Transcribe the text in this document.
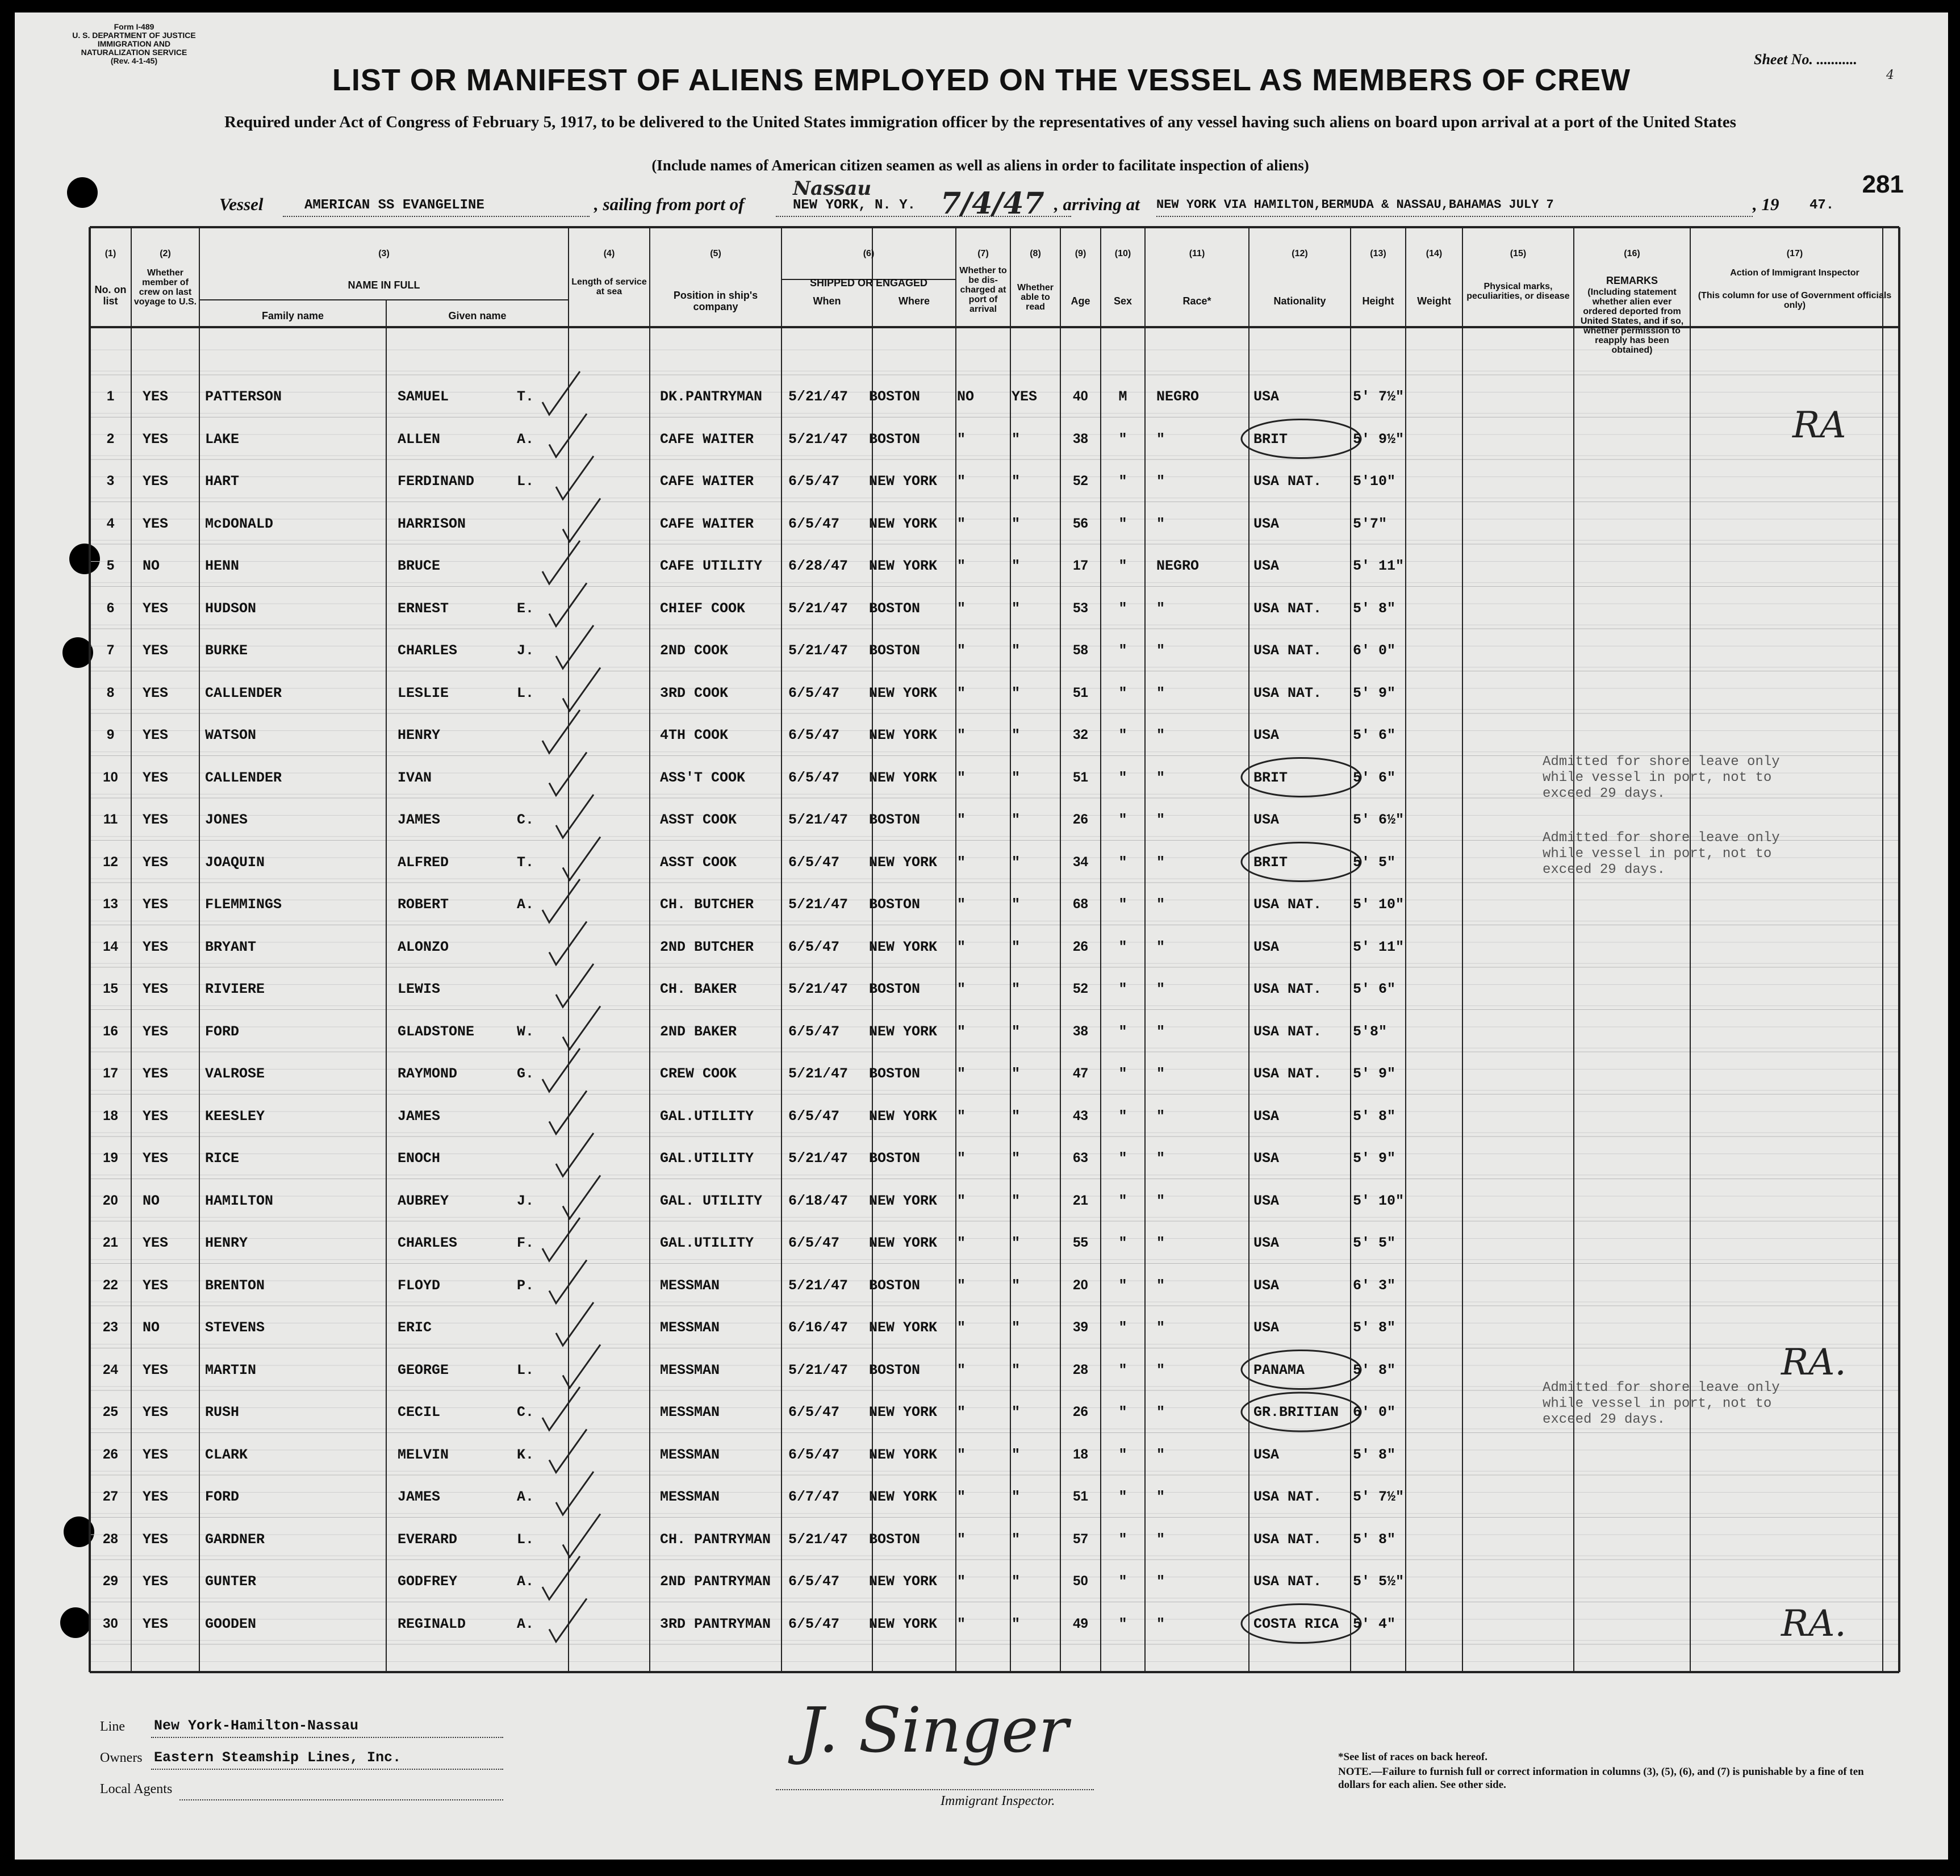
Form I-489
U. S. DEPARTMENT OF JUSTICE
IMMIGRATION AND NATURALIZATION SERVICE
(Rev. 4-1-45)	Sheet No. ...........
4
LIST OR MANIFEST OF ALIENS EMPLOYED ON THE VESSEL AS MEMBERS OF CREW
Required under Act of Congress of February 5, 1917, to be delivered to the United States immigration officer by the representatives of any vessel having such aliens on board upon arrival at a port of the United States
(Include names of American citizen seamen as well as aliens in order to facilitate inspection of aliens)
281
Vessel	AMERICAN SS EVANGELINE	, sailing from port of	NEW YORK, N. Y.
Nassau 7/4/47 , arriving at NEW YORK VIA HAMILTON,BERMUDA & NASSAU,BAHAMAS JULY 7	, 19 47.
(1)	(2)	(3)	(4)	(5)	(6)	(7)	(8)	(9)	(10)	(11)	(12)	(13)	(14)	(15)	(16)	(17)
No. on list
Whether member of crew on last voyage to U.S.
NAME IN FULL
Family name	Given name
Length of service at sea	Position in ship's company
SHIPPED OR ENGAGED
When	Where
Whether to be dis-charged at port of arrival
Whether able to read
Age	Sex	Race*	Nationality	Height	Weight
Physical marks, peculiarities, or disease
REMARKS
(Including statement whether alien ever ordered deported from United States, and if so, whether permission to reapply has been obtained)
Action of Immigrant Inspector
(This column for use of Government officials only)
1	YES	PATTERSON	SAMUEL	T.	DK.PANTRYMAN	5/21/47	BOSTON	NO	YES	40	M	NEGRO	USA	5' 7½"
2	YES	LAKE	ALLEN	A.	CAFE WAITER	5/21/47	BOSTON	"	"	38	"	"	BRIT	5' 9½"
3	YES	HART	FERDINAND	L.	CAFE WAITER	6/5/47	NEW YORK	"	"	52	"	"	USA NAT.	5'10"
4	YES	McDONALD	HARRISON	CAFE WAITER	6/5/47	NEW YORK	"	"	56	"	"	USA	5'7"
5	NO	HENN	BRUCE	CAFE UTILITY	6/28/47	NEW YORK	"	"	17	"	NEGRO	USA	5' 11"
6	YES	HUDSON	ERNEST	E.	CHIEF COOK	5/21/47	BOSTON	"	"	53	"	"	USA NAT.	5' 8"
7	YES	BURKE	CHARLES	J.	2ND COOK	5/21/47	BOSTON	"	"	58	"	"	USA NAT.	6' 0"
8	YES	CALLENDER	LESLIE	L.	3RD COOK	6/5/47	NEW YORK	"	"	51	"	"	USA NAT.	5' 9"
9	YES	WATSON	HENRY	4TH COOK	6/5/47	NEW YORK	"	"	32	"	"	USA	5' 6"
10	YES	CALLENDER	IVAN	ASS'T COOK	6/5/47	NEW YORK	"	"	51	"	"	BRIT	5' 6"
11	YES	JONES	JAMES	C.	ASST COOK	5/21/47	BOSTON	"	"	26	"	"	USA	5' 6½"
12	YES	JOAQUIN	ALFRED	T.	ASST COOK	6/5/47	NEW YORK	"	"	34	"	"	BRIT	5' 5"
13	YES	FLEMMINGS	ROBERT	A.	CH. BUTCHER	5/21/47	BOSTON	"	"	68	"	"	USA NAT.	5' 10"
14	YES	BRYANT	ALONZO	2ND BUTCHER	6/5/47	NEW YORK	"	"	26	"	"	USA	5' 11"
15	YES	RIVIERE	LEWIS	CH. BAKER	5/21/47	BOSTON	"	"	52	"	"	USA NAT.	5' 6"
16	YES	FORD	GLADSTONE	W.	2ND BAKER	6/5/47	NEW YORK	"	"	38	"	"	USA NAT.	5'8"
17	YES	VALROSE	RAYMOND	G.	CREW COOK	5/21/47	BOSTON	"	"	47	"	"	USA NAT.	5' 9"
18	YES	KEESLEY	JAMES	GAL.UTILITY	6/5/47	NEW YORK	"	"	43	"	"	USA	5' 8"
19	YES	RICE	ENOCH	GAL.UTILITY	5/21/47	BOSTON	"	"	63	"	"	USA	5' 9"
20	NO	HAMILTON	AUBREY	J.	GAL. UTILITY	6/18/47	NEW YORK	"	"	21	"	"	USA	5' 10"
21	YES	HENRY	CHARLES	F.	GAL.UTILITY	6/5/47	NEW YORK	"	"	55	"	"	USA	5' 5"
22	YES	BRENTON	FLOYD	P.	MESSMAN	5/21/47	BOSTON	"	"	20	"	"	USA	6' 3"
23	NO	STEVENS	ERIC	MESSMAN	6/16/47	NEW YORK	"	"	39	"	"	USA	5' 8"
24	YES	MARTIN	GEORGE	L.	MESSMAN	5/21/47	BOSTON	"	"	28	"	"	PANAMA	5' 8"
25	YES	RUSH	CECIL	C.	MESSMAN	6/5/47	NEW YORK	"	"	26	"	"	GR.BRITIAN 6' 0"
26	YES	CLARK	MELVIN	K.	MESSMAN	6/5/47	NEW YORK	"	"	18	"	"	USA	5' 8"
27	YES	FORD	JAMES	A.	MESSMAN	6/7/47	NEW YORK	"	"	51	"	"	USA NAT.	5' 7½"
28	YES	GARDNER	EVERARD	L.	CH. PANTRYMAN	5/21/47	BOSTON	"	"	57	"	"	USA NAT.	5' 8"
29	YES	GUNTER	GODFREY	A.	2ND PANTRYMAN	6/5/47	NEW YORK	"	"	50	"	"	USA NAT.	5' 5½"
30	YES	GOODEN	REGINALD	A.	3RD PANTRYMAN	6/5/47	NEW YORK	"	"	49	"	"	COSTA RICA 5' 4"
Admitted for shore leave only while vessel in port, not to exceed 29 days.
Admitted for shore leave only while vessel in port, not to exceed 29 days.
Admitted for shore leave only while vessel in port, not to exceed 29 days.
RA
RA.
RA.
Line New York-Hamilton-Nassau
Owners Eastern Steamship Lines, Inc.
Local Agents
J. Singer
Immigrant Inspector.
*See list of races on back hereof.
NOTE.—Failure to furnish full or correct information in columns (3), (5), (6), and (7) is punishable by a fine of ten dollars for each alien. See other side.
